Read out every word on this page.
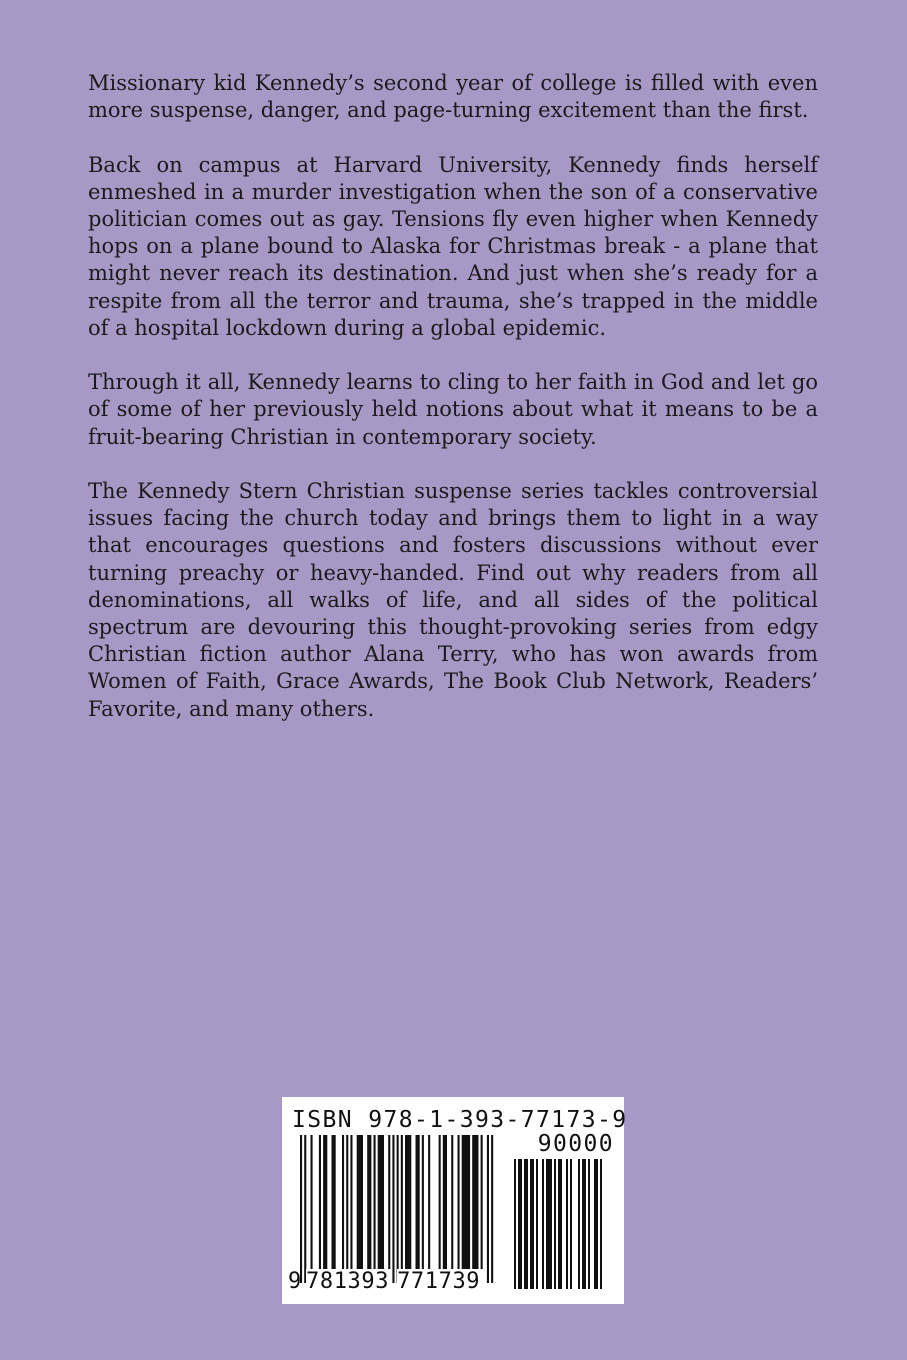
Missionary kid Kennedy’s second year of college is filled with even more suspense, danger, and page-turning excitement than the first.

Back on campus at Harvard University, Kennedy finds herself enmeshed in a murder investigation when the son of a conservative politician comes out as gay. Tensions fly even higher when Kennedy hops on a plane bound to Alaska for Christmas break - a plane that might never reach its destination. And just when she’s ready for a respite from all the terror and trauma, she’s trapped in the middle of a hospital lockdown during a global epidemic.

Through it all, Kennedy learns to cling to her faith in God and let go of some of her previously held notions about what it means to be a fruit-bearing Christian in contemporary society.

The Kennedy Stern Christian suspense series tackles controversial issues facing the church today and brings them to light in a way that encourages questions and fosters discussions without ever turning preachy or heavy-handed. Find out why readers from all denominations, all walks of life, and all sides of the political spectrum are devouring this thought-provoking series from edgy Christian fiction author Alana Terry, who has won awards from Women of Faith, Grace Awards, The Book Club Network, Readers’ Favorite, and many others.

ISBN 978-1-393-77173-9
90000
9 781393 771739
